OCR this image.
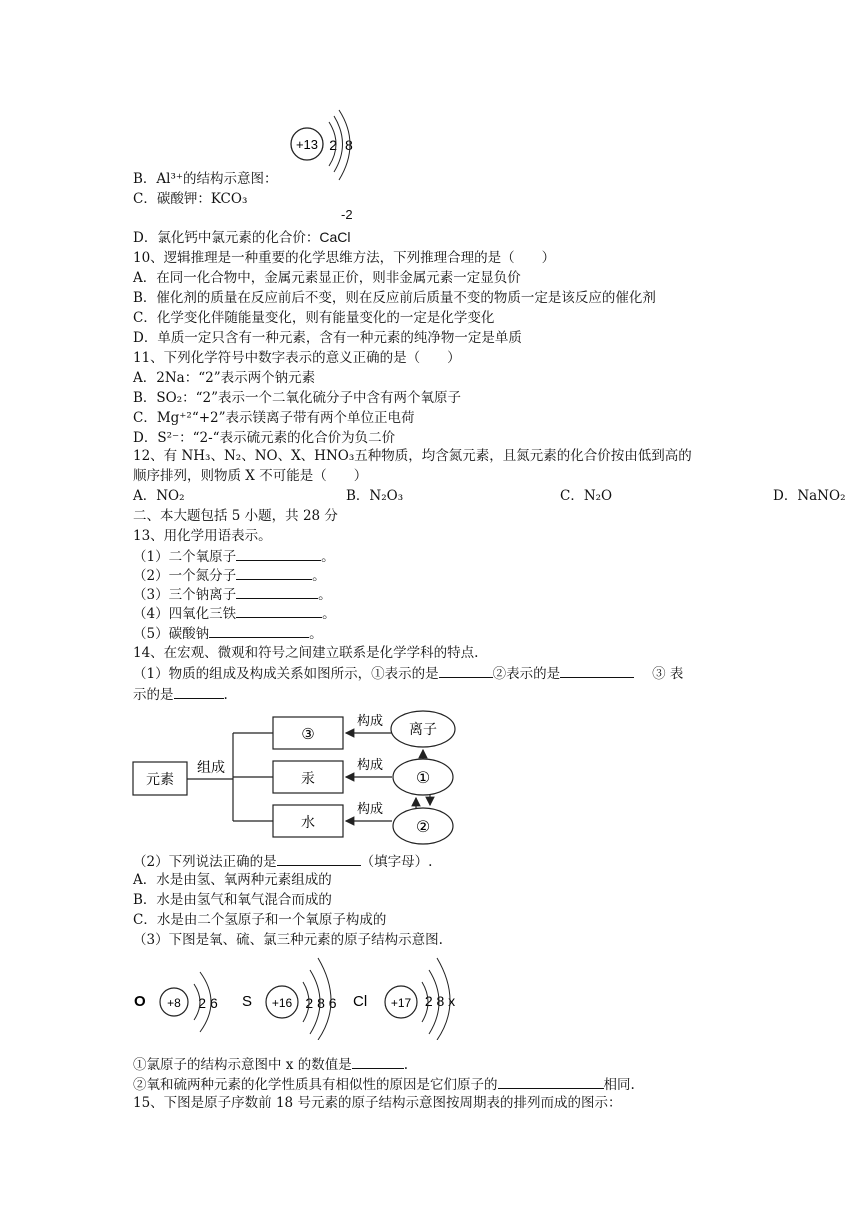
+13 2 8
B．Al³⁺的结构示意图：
C．碳酸钾：KCO₃
-2
D．氯化钙中氯元素的化合价：CaCl
10、逻辑推理是一种重要的化学思维方法，下列推理合理的是（　　）
A．在同一化合物中，金属元素显正价，则非金属元素一定显负价
B．催化剂的质量在反应前后不变，则在反应前后质量不变的物质一定是该反应的催化剂
C．化学变化伴随能量变化，则有能量变化的一定是化学变化
D．单质一定只含有一种元素，含有一种元素的纯净物一定是单质
11、下列化学符号中数字表示的意义正确的是（　　）
A．2Na：“2”表示两个钠元素
B．SO₂：“2”表示一个二氧化硫分子中含有两个氧原子
C．Mg⁺²“+2”表示镁离子带有两个单位正电荷
D．S²⁻：“2-“表示硫元素的化合价为负二价
12、有 NH₃、N₂、NO、X、HNO₃五种物质，均含氮元素，且氮元素的化合价按由低到高的
顺序排列，则物质 X 不可能是（　　）
A．NO₂	B．N₂O₃	C．N₂O	D．NaNO₂
二、本大题包括 5 小题，共 28 分
13、用化学用语表示。
（1）二个氧原子	。
（2）一个氮分子	。
（3）三个钠离子	。
（4）四氧化三铁	。
（5）碳酸钠	。
14、在宏观、微观和符号之间建立联系是化学学科的特点.
（1）物质的组成及构成关系如图所示，①表示的是	②表示的是	③ 表
示的是	.
元素
组成
③
汞
水
构成
构成
构成
离子
①
②
（2）下列说法正确的是	（填字母）.
A．水是由氢、氧两种元素组成的
B．水是由氢气和氧气混合而成的
C．水是由二个氢原子和一个氧原子构成的
（3）下图是氧、硫、氯三种元素的原子结构示意图.
O +8 2 6 S +16 2 8 6 Cl +17 2 8 x
①氯原子的结构示意图中 x 的数值是	.
②氧和硫两种元素的化学性质具有相似性的原因是它们原子的	相同.
15、下图是原子序数前 18 号元素的原子结构示意图按周期表的排列而成的图示：
